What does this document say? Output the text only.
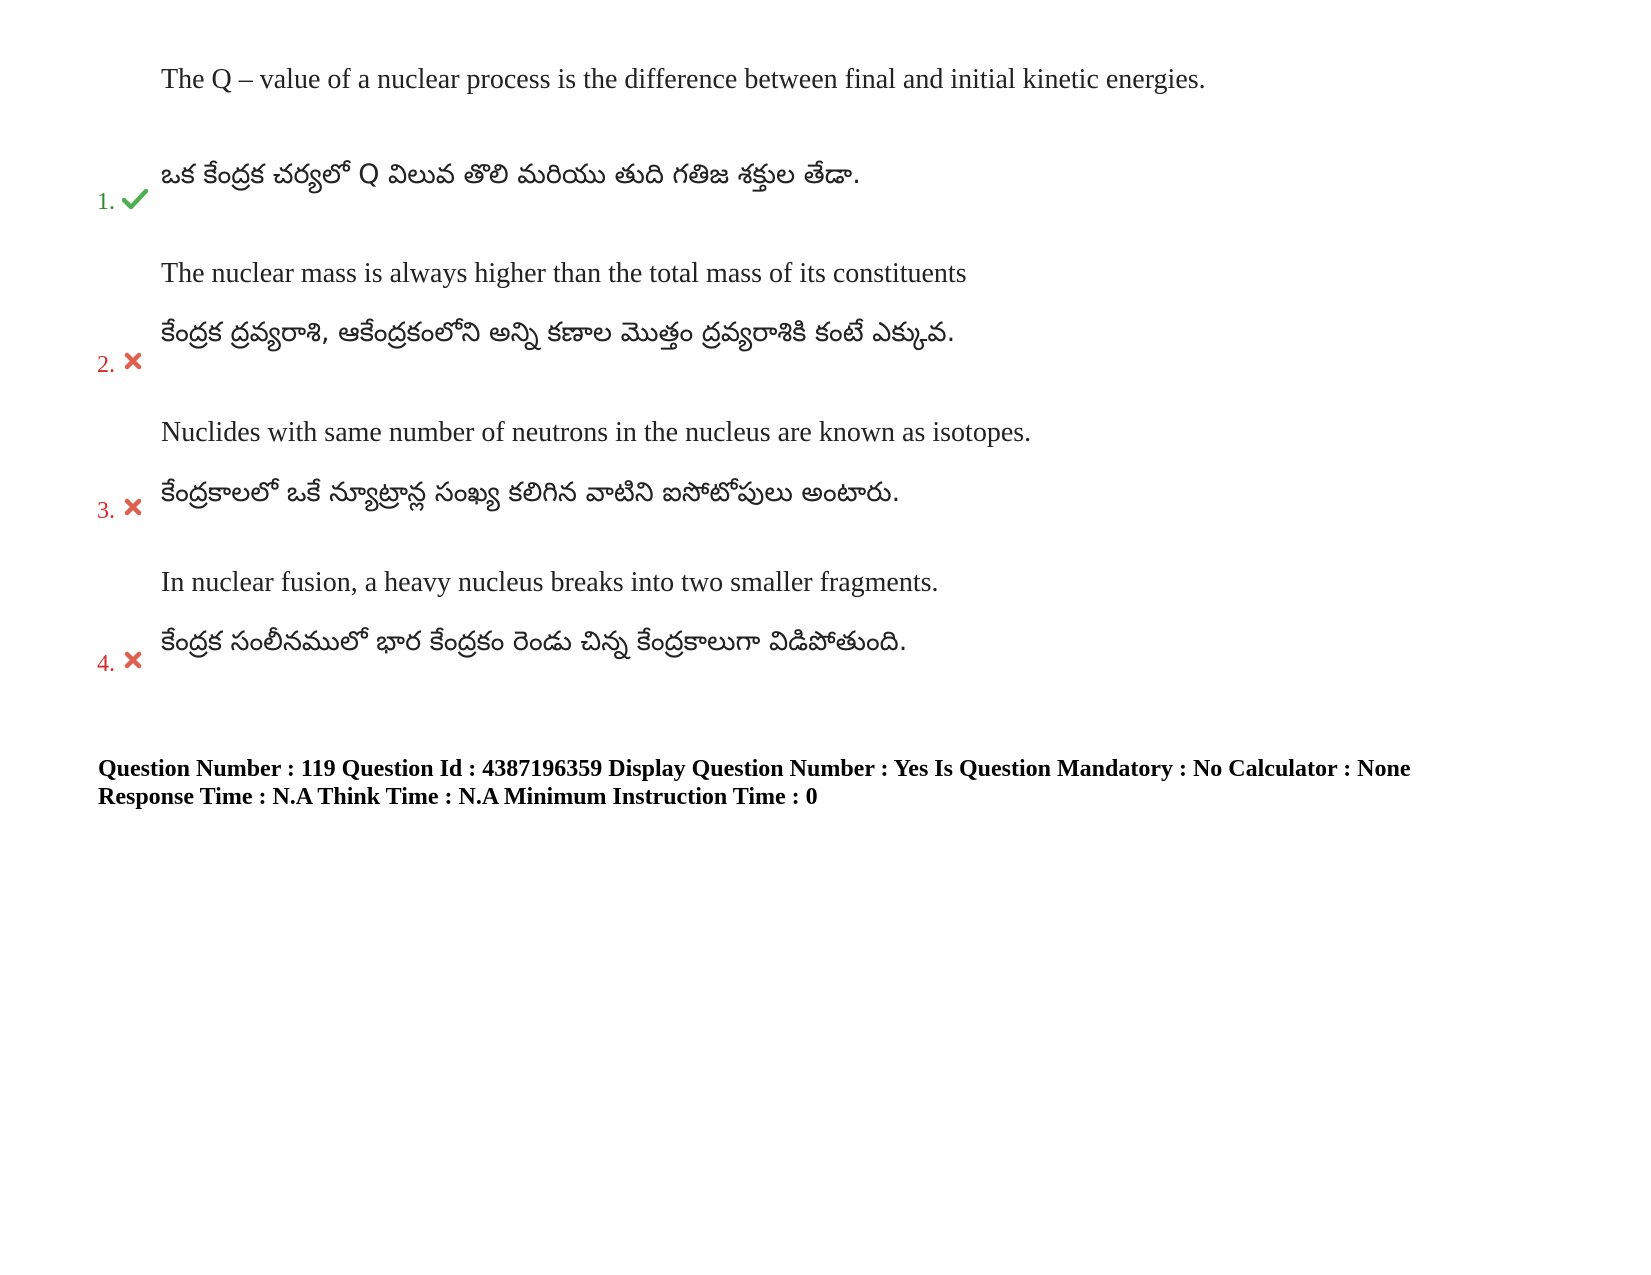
The Q – value of a nuclear process is the difference between final and initial kinetic energies.
ఒక కేంద్రక చర్యలో Q విలువ తొలి మరియు తుది గతిజ శక్తుల తేడా.
1.
The nuclear mass is always higher than the total mass of its constituents
కేంద్రక ద్రవ్యరాశి, ఆకేంద్రకంలోని అన్ని కణాల మొత్తం ద్రవ్యరాశికి కంటే ఎక్కువ.
2.
Nuclides with same number of neutrons in the nucleus are known as isotopes.
కేంద్రకాలలో ఒకే న్యూట్రాన్ల సంఖ్య కలిగిన వాటిని ఐసోటోపులు అంటారు.
3.
In nuclear fusion, a heavy nucleus breaks into two smaller fragments.
కేంద్రక సంలీనములో భార కేంద్రకం రెండు చిన్న కేంద్రకాలుగా విడిపోతుంది.
4.
Question Number : 119 Question Id : 4387196359 Display Question Number : Yes Is Question Mandatory : No Calculator : None
Response Time : N.A Think Time : N.A Minimum Instruction Time : 0
